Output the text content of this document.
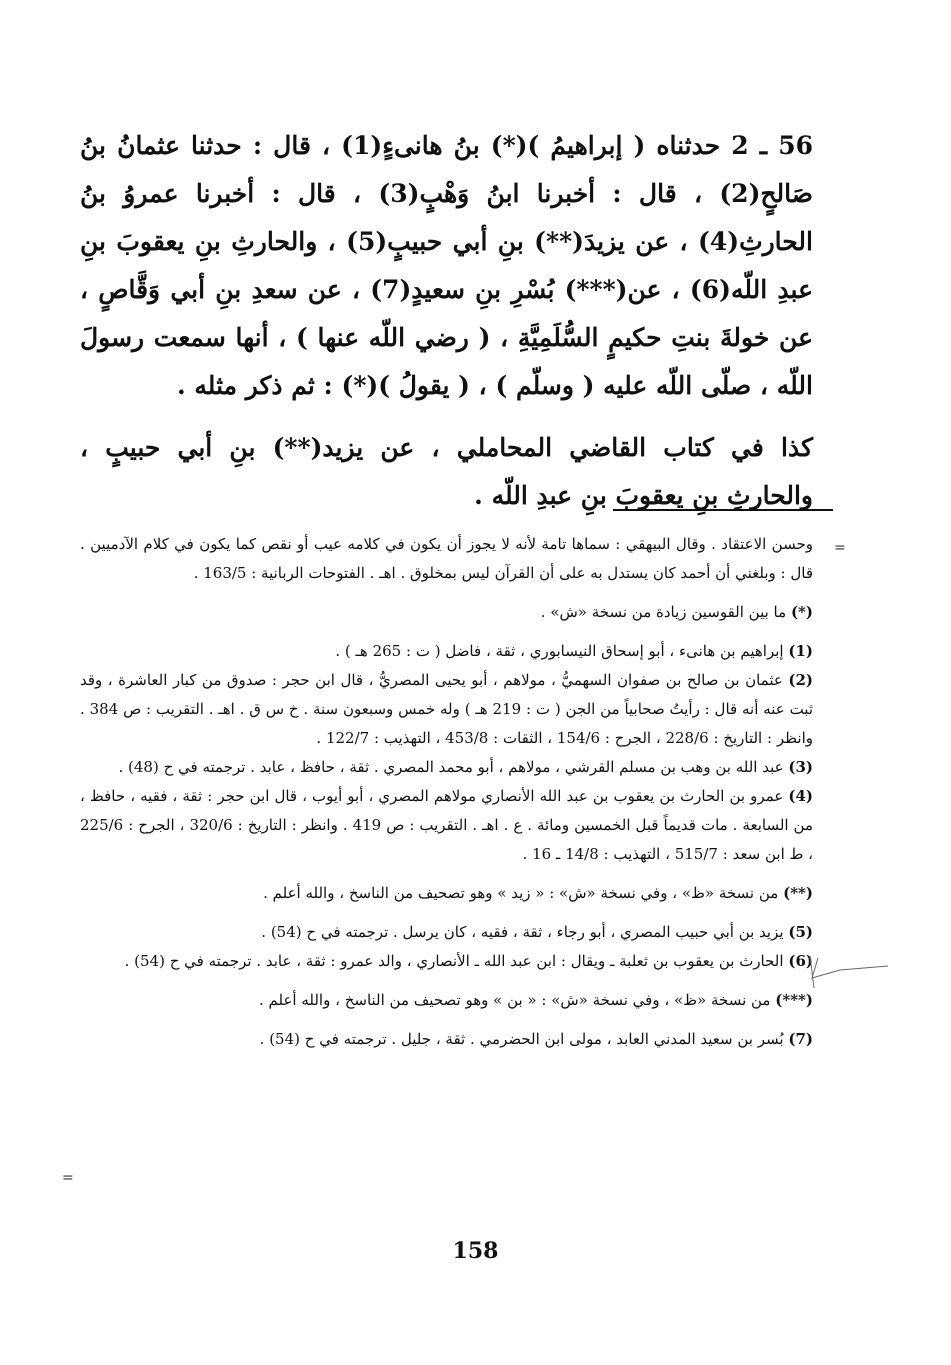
56 ـ 2 حدثناه ( إبراهيمُ )(*) بنُ هانىءٍ(1) ، قال : حدثنا عثمانُ بنُ صَالحٍ(2) ، قال : أخبرنا ابنُ وَهْبٍ(3) ، قال : أخبرنا عمروُ بنُ الحارثِ(4) ، عن يزيدَ(**) بنِ أبي حبيبٍ(5) ، والحارثِ بنِ يعقوبَ بنِ عبدِ اللّه(6) ، عن(***) بُسْرِ بنِ سعيدٍ(7) ، عن سعدِ بنِ أبي وَقَّاصٍ ، عن خولةَ بنتِ حكيمٍ السُّلَمِيَّةِ ، ( رضي اللّه عنها ) ، أنها سمعت رسولَ اللّه ، صلّى اللّه عليه ( وسلّم ) ، ( يقولُ )(*) : ثم ذكر مثله .

كذا في كتاب القاضي المحاملي ، عن يزيد(**) بنِ أبي حبيبٍ ، والحارثِ بنِ يعقوبَ بنِ عبدِ اللّه .

=
=

وحسن الاعتقاد . وقال البيهقي : سماها تامة لأنه لا يجوز أن يكون في كلامه عيب أو نقص كما يكون في كلام الآدميين . قال : وبلغني أن أحمد كان يستدل به على أن القرآن ليس بمخلوق . اهـ . الفتوحات الربانية : 163/5 .

(*) ما بين القوسين زيادة من نسخة «ش» .

(1) إبراهيم بن هانىء ، أبو إسحاق النيسابوري ، ثقة ، فاضل ( ت : 265 هـ ) .

(2) عثمان بن صالح بن صفوان السهميُّ ، مولاهم ، أبو يحيى المصريُّ ، قال ابن حجر : صدوق من كبار العاشرة ، وقد ثبت عنه أنه قال : رأيتُ صحابياً من الجن ( ت : 219 هـ ) وله خمس وسبعون سنة . خ س ق . اهـ . التقريب : ص 384 . وانظر : التاريخ : 228/6 ، الجرح : 154/6 ، الثقات : 453/8 ، التهذيب : 122/7 .

(3) عبد الله بن وهب بن مسلم القرشي ، مولاهم ، أبو محمد المصري . ثقة ، حافظ ، عابد . ترجمته في ح (48) .

(4) عمرو بن الحارث بن يعقوب بن عبد الله الأنصاري مولاهم المصري ، أبو أيوب ، قال ابن حجر : ثقة ، فقيه ، حافظ ، من السابعة . مات قديماً قبل الخمسين ومائة . ع . اهـ . التقريب : ص 419 . وانظر : التاريخ : 320/6 ، الجرح : 225/6 ، ط ابن سعد : 515/7 ، التهذيب : 14/8 ـ 16 .

(**) من نسخة «ظ» ، وفي نسخة «ش» : « زيد » وهو تصحيف من الناسخ ، والله أعلم .

(5) يزيد بن أبي حبيب المصري ، أبو رجاء ، ثقة ، فقيه ، كان يرسل . ترجمته في ح (54) .

(6) الحارث بن يعقوب بن ثعلبة ـ ويقال : ابن عبد الله ـ الأنصاري ، والد عمرو : ثقة ، عابد . ترجمته في ح (54) .

(***) من نسخة «ظ» ، وفي نسخة «ش» : « بن » وهو تصحيف من الناسخ ، والله أعلم .

(7) بُسر بن سعيد المدني العابد ، مولى ابن الحضرمي . ثقة ، جليل . ترجمته في ح (54) .

158
